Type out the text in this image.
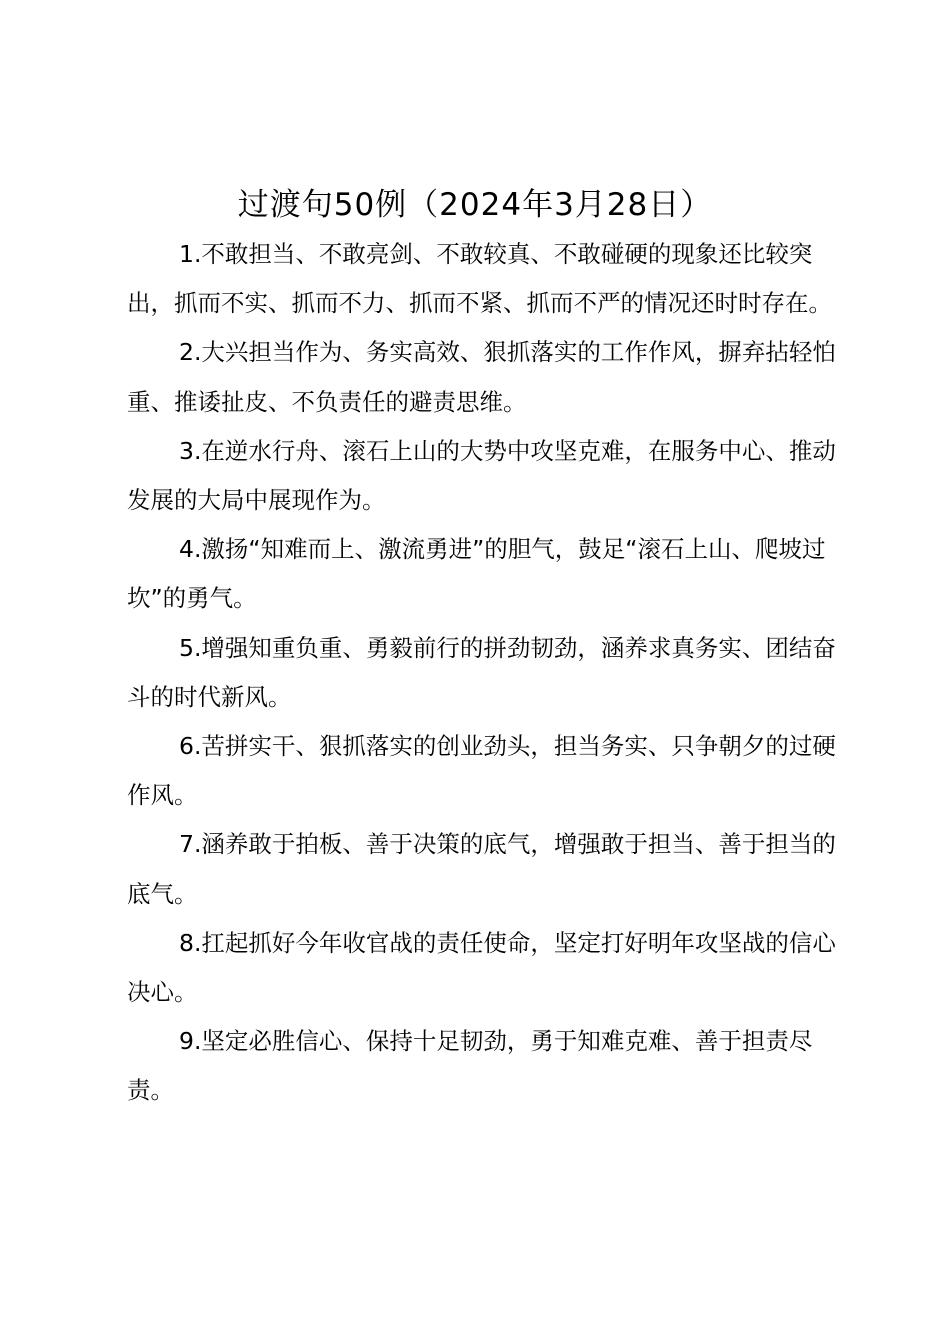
过渡句50例（2024年3月28日）

1.不敢担当、不敢亮剑、不敢较真、不敢碰硬的现象还比较突出，抓而不实、抓而不力、抓而不紧、抓而不严的情况还时时存在。

2.大兴担当作为、务实高效、狠抓落实的工作作风，摒弃拈轻怕重、推诿扯皮、不负责任的避责思维。

3.在逆水行舟、滚石上山的大势中攻坚克难，在服务中心、推动发展的大局中展现作为。

4.激扬“知难而上、激流勇进”的胆气，鼓足“滚石上山、爬坡过坎”的勇气。

5.增强知重负重、勇毅前行的拼劲韧劲，涵养求真务实、团结奋斗的时代新风。

6.苦拼实干、狠抓落实的创业劲头，担当务实、只争朝夕的过硬作风。

7.涵养敢于拍板、善于决策的底气，增强敢于担当、善于担当的底气。

8.扛起抓好今年收官战的责任使命，坚定打好明年攻坚战的信心决心。

9.坚定必胜信心、保持十足韧劲，勇于知难克难、善于担责尽责。
